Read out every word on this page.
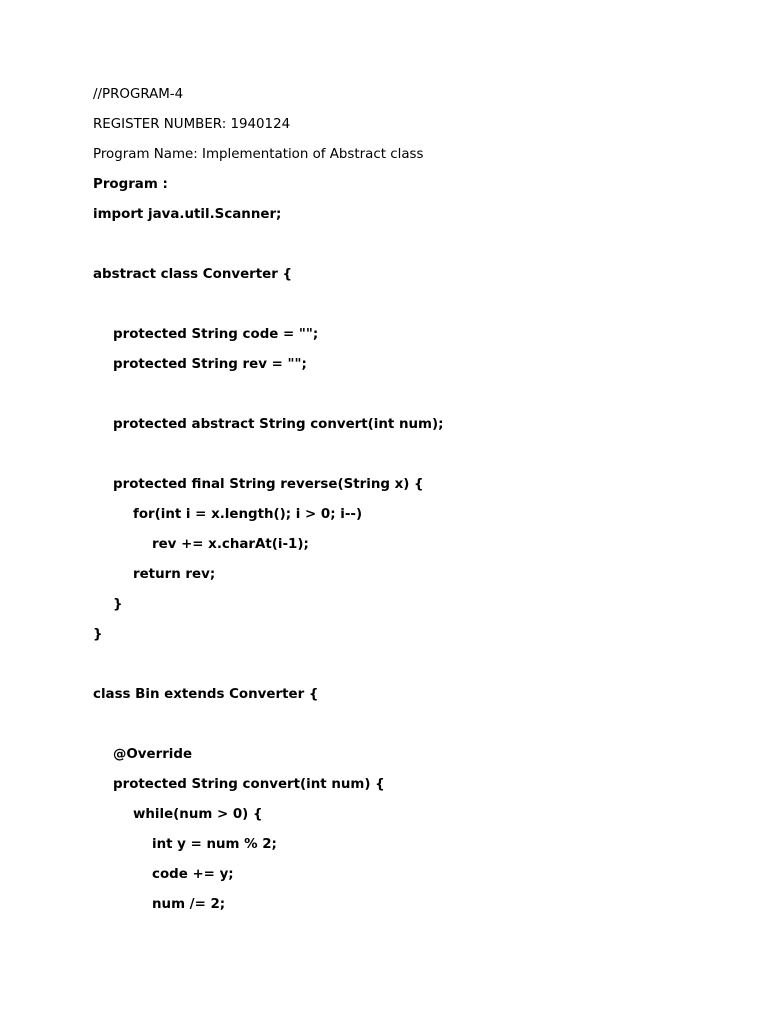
//PROGRAM-4
REGISTER NUMBER: 1940124
Program Name: Implementation of Abstract class
Program :
import java.util.Scanner;
abstract class Converter {
protected String code = "";
protected String rev = "";
protected abstract String convert(int num);
protected final String reverse(String x) {
for(int i = x.length(); i > 0; i--)
rev += x.charAt(i-1);
return rev;
}
}
class Bin extends Converter {
@Override
protected String convert(int num) {
while(num > 0) {
int y = num % 2;
code += y;
num /= 2;
